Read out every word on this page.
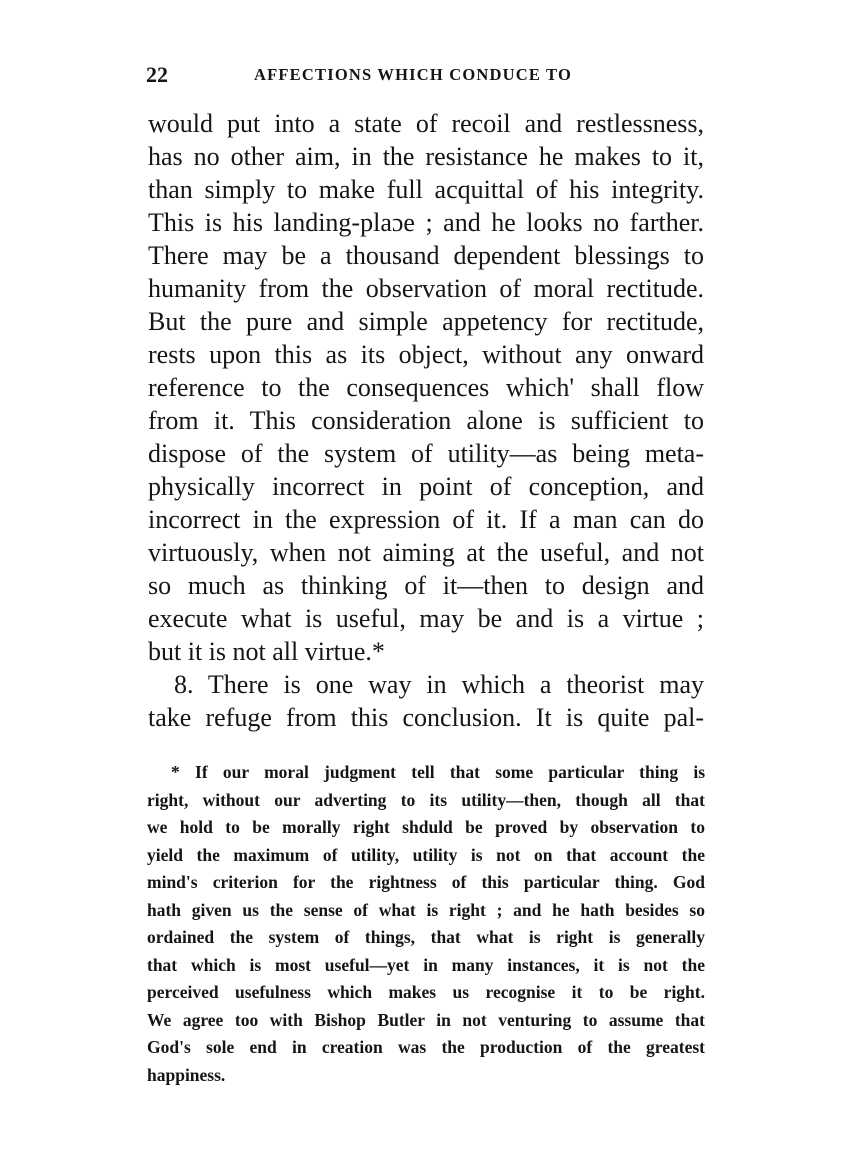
22	AFFECTIONS WHICH CONDUCE TO
would put into a state of recoil and restlessness,
has no other aim, in the resistance he makes to it,
than simply to make full acquittal of his integrity.
This is his landing-plaɔe ; and he looks no farther.
There may be a thousand dependent blessings to
humanity from the observation of moral rectitude.
But the pure and simple appetency for rectitude,
rests upon this as its object, without any onward
reference to the consequences which' shall flow
from it. This consideration alone is sufficient to
dispose of the system of utility—as being meta-
physically incorrect in point of conception, and
incorrect in the expression of it. If a man can do
virtuously, when not aiming at the useful, and not
so much as thinking of it—then to design and
execute what is useful, may be and is a virtue ;
but it is not all virtue.*
8. There is one way in which a theorist may
take refuge from this conclusion. It is quite pal-
* If our moral judgment tell that some particular thing is
right, without our adverting to its utility—then, though all that
we hold to be morally right shduld be proved by observation to
yield the maximum of utility, utility is not on that account the
mind's criterion for the rightness of this particular thing. God
hath given us the sense of what is right ; and he hath besides so
ordained the system of things, that what is right is generally
that which is most useful—yet in many instances, it is not the
perceived usefulness which makes us recognise it to be right.
We agree too with Bishop Butler in not venturing to assume that
God's sole end in creation was the production of the greatest
happiness.
